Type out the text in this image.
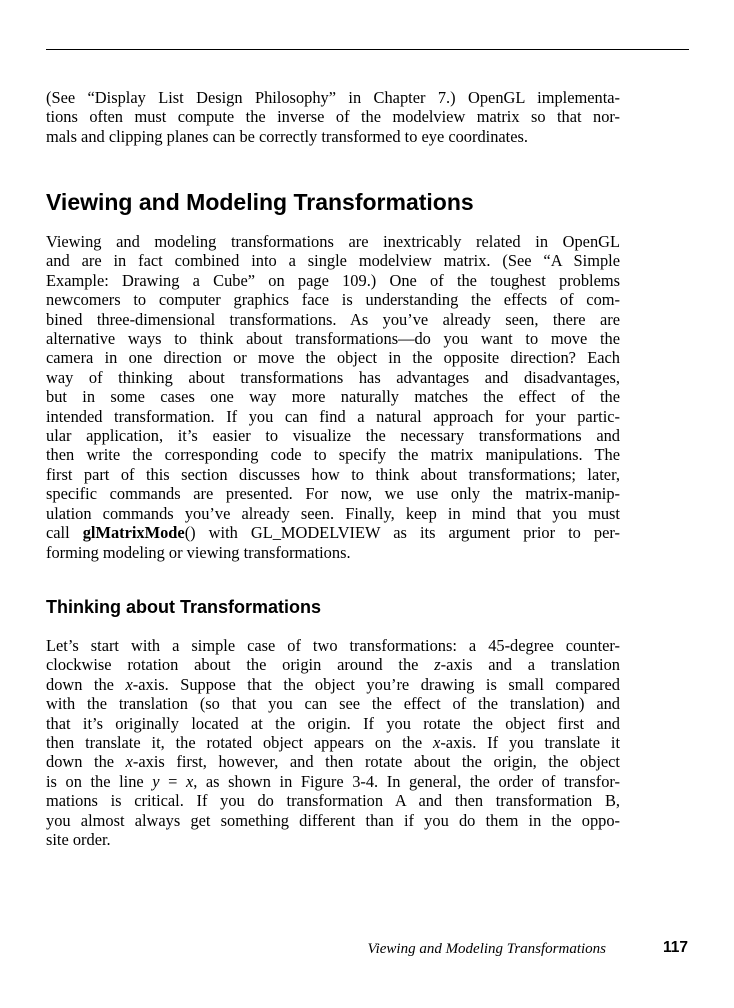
(See “Display List Design Philosophy” in Chapter 7.) OpenGL implementa-
tions often must compute the inverse of the modelview matrix so that nor-
mals and clipping planes can be correctly transformed to eye coordinates.

Viewing and Modeling Transformations

Viewing and modeling transformations are inextricably related in OpenGL
and are in fact combined into a single modelview matrix. (See “A Simple
Example: Drawing a Cube” on page 109.) One of the toughest problems
newcomers to computer graphics face is understanding the effects of com-
bined three-dimensional transformations. As you’ve already seen, there are
alternative ways to think about transformations—do you want to move the
camera in one direction or move the object in the opposite direction? Each
way of thinking about transformations has advantages and disadvantages,
but in some cases one way more naturally matches the effect of the
intended transformation. If you can find a natural approach for your partic-
ular application, it’s easier to visualize the necessary transformations and
then write the corresponding code to specify the matrix manipulations. The
first part of this section discusses how to think about transformations; later,
specific commands are presented. For now, we use only the matrix-manip-
ulation commands you’ve already seen. Finally, keep in mind that you must
call glMatrixMode() with GL_MODELVIEW as its argument prior to per-
forming modeling or viewing transformations.

Thinking about Transformations

Let’s start with a simple case of two transformations: a 45-degree counter-
clockwise rotation about the origin around the z-axis and a translation
down the x-axis. Suppose that the object you’re drawing is small compared
with the translation (so that you can see the effect of the translation) and
that it’s originally located at the origin. If you rotate the object first and
then translate it, the rotated object appears on the x-axis. If you translate it
down the x-axis first, however, and then rotate about the origin, the object
is on the line y = x, as shown in Figure 3-4. In general, the order of transfor-
mations is critical. If you do transformation A and then transformation B,
you almost always get something different than if you do them in the oppo-
site order.

Viewing and Modeling Transformations	117
